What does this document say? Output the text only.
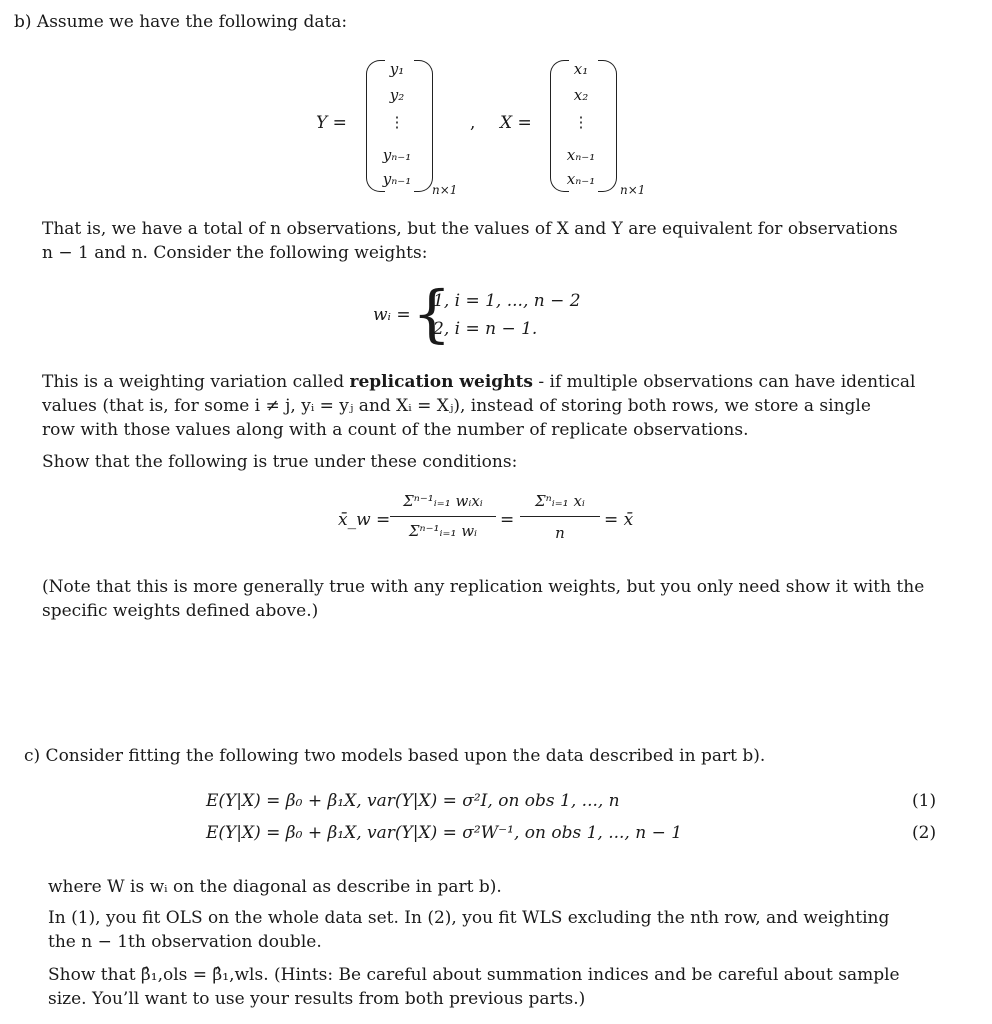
b) Assume we have the following data:
Y =
y₁
y₂
⋮
yₙ₋₁
yₙ₋₁
n×1
, X =
x₁
x₂
⋮
xₙ₋₁
xₙ₋₁
n×1
That is, we have a total of n observations, but the values of X and Y are equivalent for observations
n − 1 and n. Consider the following weights:
wᵢ = {
1, i = 1, ..., n − 2
2, i = n − 1.
This is a weighting variation called replication weights - if multiple observations can have identical
values (that is, for some i ≠ j, yᵢ = yⱼ and Xᵢ = Xⱼ), instead of storing both rows, we store a single
row with those values along with a count of the number of replicate observations.
Show that the following is true under these conditions:
x̄_w =
Σⁿ⁻¹ᵢ₌₁ wᵢxᵢ
Σⁿ⁻¹ᵢ₌₁ wᵢ
=
Σⁿᵢ₌₁ xᵢ
n
= x̄
(Note that this is more generally true with any replication weights, but you only need show it with the
specific weights defined above.)
c) Consider fitting the following two models based upon the data described in part b).
E(Y|X) = β₀ + β₁X, var(Y|X) = σ²I, on obs 1, ..., n	(1)
E(Y|X) = β₀ + β₁X, var(Y|X) = σ²W⁻¹, on obs 1, ..., n − 1	(2)
where W is wᵢ on the diagonal as describe in part b).
In (1), you fit OLS on the whole data set. In (2), you fit WLS excluding the nth row, and weighting
the n − 1th observation double.
Show that β̂₁,ols = β̂₁,wls. (Hints: Be careful about summation indices and be careful about sample
size. You’ll want to use your results from both previous parts.)
